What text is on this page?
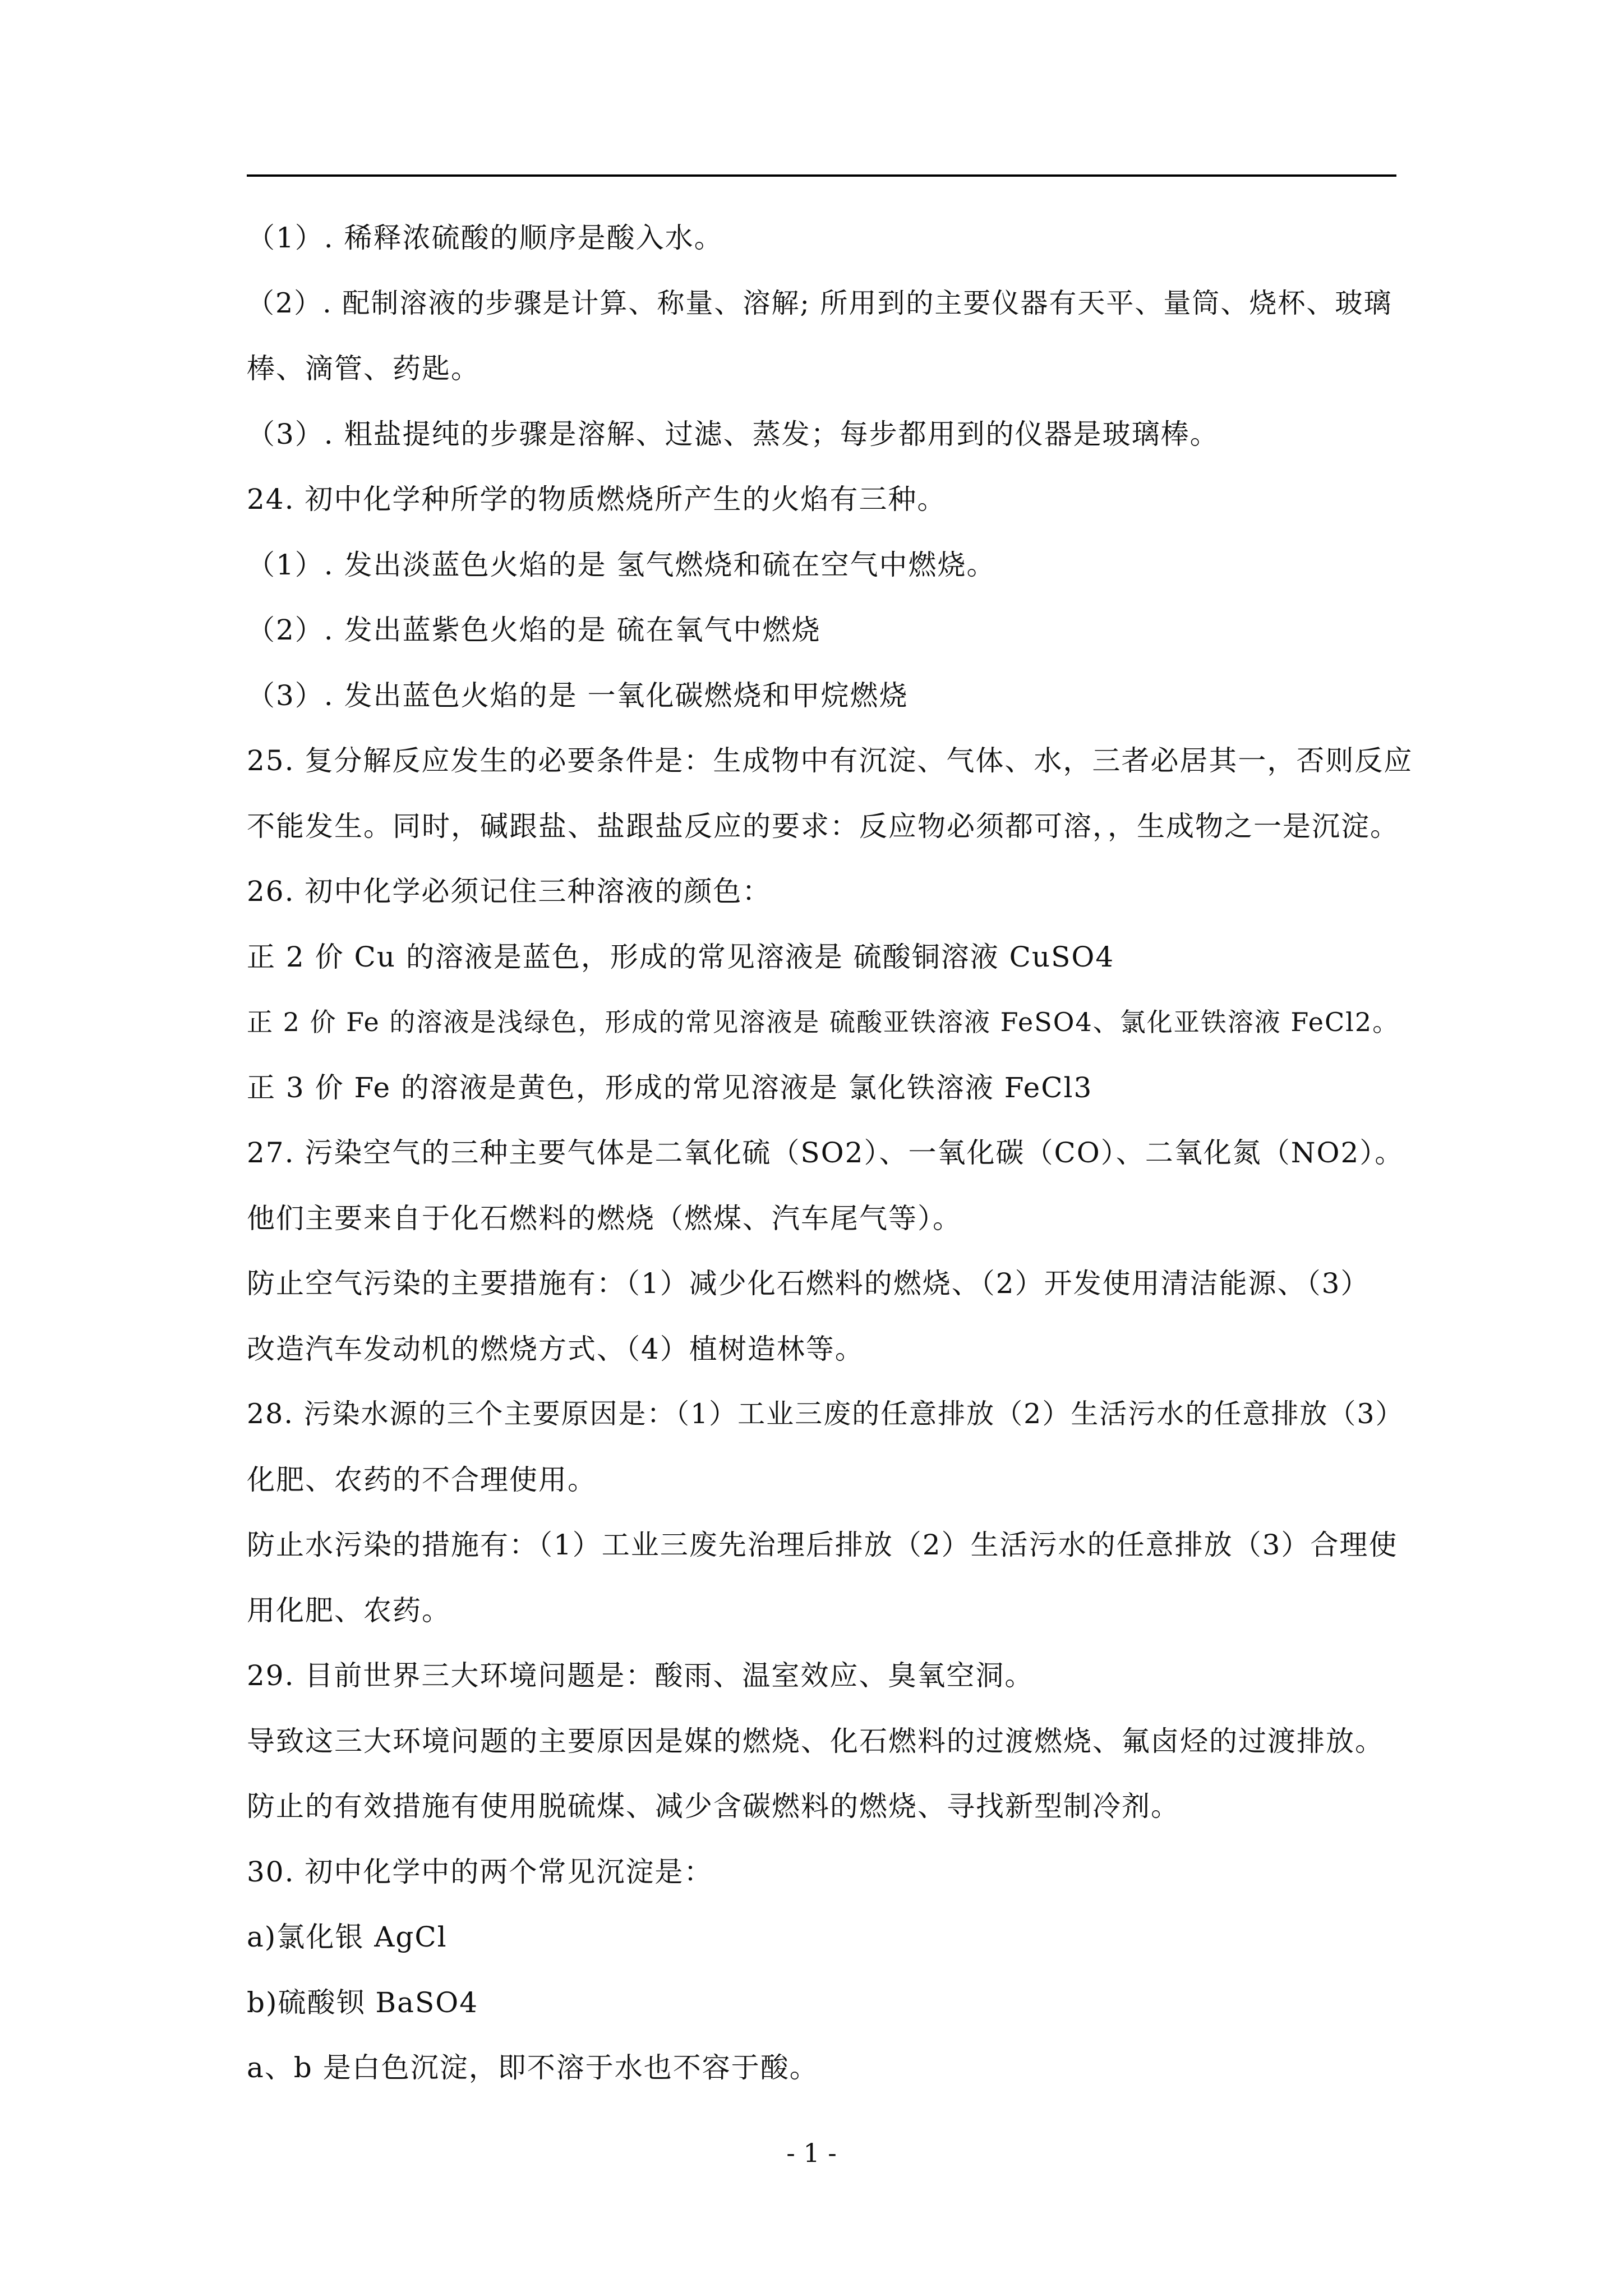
（1）. 稀释浓硫酸的顺序是酸入水。
（2）. 配制溶液的步骤是计算、称量、溶解; 所用到的主要仪器有天平、量筒、烧杯、玻璃
棒、滴管、药匙。
（3）. 粗盐提纯的步骤是溶解、过滤、蒸发；每步都用到的仪器是玻璃棒。
24. 初中化学种所学的物质燃烧所产生的火焰有三种。
（1）. 发出淡蓝色火焰的是 氢气燃烧和硫在空气中燃烧。
（2）. 发出蓝紫色火焰的是 硫在氧气中燃烧
（3）. 发出蓝色火焰的是 一氧化碳燃烧和甲烷燃烧
25. 复分解反应发生的必要条件是：生成物中有沉淀、气体、水，三者必居其一，否则反应
不能发生。同时，碱跟盐、盐跟盐反应的要求：反应物必须都可溶，，生成物之一是沉淀。
26. 初中化学必须记住三种溶液的颜色：
正 2 价 Cu 的溶液是蓝色，形成的常见溶液是 硫酸铜溶液 CuSO4
正 2 价 Fe 的溶液是浅绿色，形成的常见溶液是 硫酸亚铁溶液 FeSO4、氯化亚铁溶液 FeCl2。
正 3 价 Fe 的溶液是黄色，形成的常见溶液是 氯化铁溶液 FeCl3
27. 污染空气的三种主要气体是二氧化硫（SO2）、一氧化碳（CO）、二氧化氮（NO2）。
他们主要来自于化石燃料的燃烧（燃煤、汽车尾气等）。
防止空气污染的主要措施有：（1）减少化石燃料的燃烧、（2）开发使用清洁能源、（3）
改造汽车发动机的燃烧方式、（4）植树造林等。
28. 污染水源的三个主要原因是：（1）工业三废的任意排放（2）生活污水的任意排放（3）
化肥、农药的不合理使用。
防止水污染的措施有：（1）工业三废先治理后排放（2）生活污水的任意排放（3）合理使
用化肥、农药。
29. 目前世界三大环境问题是：酸雨、温室效应、臭氧空洞。
导致这三大环境问题的主要原因是媒的燃烧、化石燃料的过渡燃烧、氟卤烃的过渡排放。
防止的有效措施有使用脱硫煤、减少含碳燃料的燃烧、寻找新型制冷剂。
30. 初中化学中的两个常见沉淀是：
a)氯化银 AgCl
b)硫酸钡 BaSO4
a、b 是白色沉淀，即不溶于水也不容于酸。
- 1 -
